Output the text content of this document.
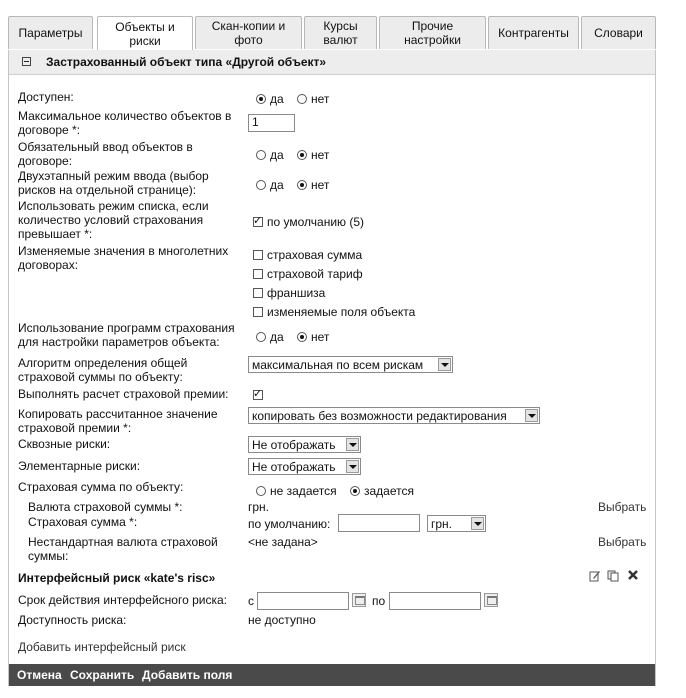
Параметры	Объекты и риски
Скан-копии и фото
Курсы валют
Прочие настройки	Контрагенты	Словари
Застрахованный объект типа «Другой объект»
Доступен:	да нет
Максимальное количество объектов в
договоре *:
1
Обязательный ввод объектов в
договоре:	да нет
Двухэтапный режим ввода (выбор
рисков на отдельной странице):	да нет
Использовать режим списка, если
количество условий страхования
превышает *:
✓по умолчанию (5)
Изменяемые значения в многолетних
договорах:
страховая сумма
страховой тариф
франшиза
изменяемые поля объекта
Использование программ страхования
для настройки параметров объекта:	да нет
Алгоритм определения общей
страховой суммы по объекту:
максимальная по всем рискам
Выполнять расчет страховой премии:
✓
Копировать рассчитанное значение
страховой премии *:
копировать без возможности редактирования
Сквозные риски:	Не отображать
Элементарные риски:	Не отображать
Страховая сумма по объекту:	не задается задается
Валюта страховой суммы *:	грн.	Выбрать
Страховая сумма *:	по умолчанию:	грн.
Нестандартная валюта страховой
суммы:
<не задана>	Выбрать
Интерфейсный риск «kate's risc»
Срок действия интерфейсного риска: с	по
Доступность риска:	не доступно
Добавить интерфейсный риск
Отмена Сохранить Добавить поля
